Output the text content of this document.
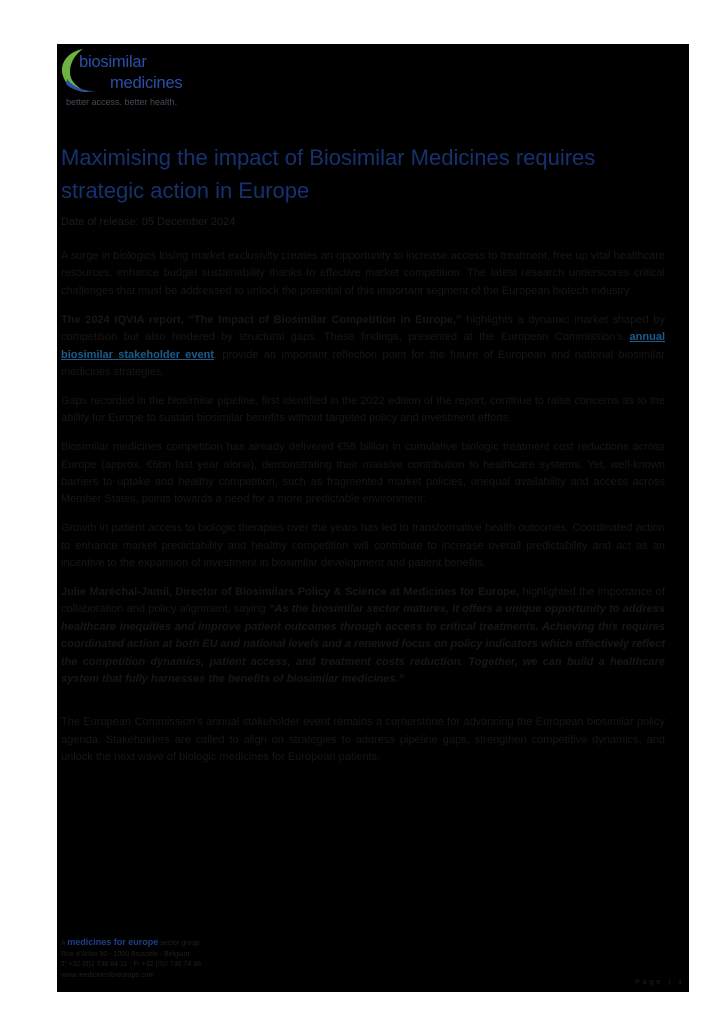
biosimilar
medicines
better access. better health.
Maximising the impact of Biosimilar Medicines requires strategic action in Europe
Date of release: 05 December 2024

A surge in biologics losing market exclusivity creates an opportunity to increase access to treatment, free up vital healthcare resources, enhance budget sustainability thanks to effective market competition. The latest research underscores critical challenges that must be addressed to unlock the potential of this important segment of the European biotech industry.

The 2024 IQVIA report, “The Impact of Biosimilar Competition in Europe,” highlights a dynamic market shaped by competition but also hindered by structural gaps. These findings, presented at the European Commission’s annual biosimilar stakeholder event, provide an important reflection point for the future of European and national biosimilar medicines strategies.

Gaps recorded in the biosimilar pipeline, first identified in the 2022 edition of the report, continue to raise concerns as to the ability for Europe to sustain biosimilar benefits without targeted policy and investment efforts.

Biosimilar medicines competition has already delivered €56 billion in cumulative biologic treatment cost reductions across Europe (approx. €6bn last year alone), demonstrating their massive contribution to healthcare systems. Yet, well-known barriers to uptake and healthy competition, such as fragmented market policies, unequal availability and access across Member States, points towards a need for a more predictable environment.

Growth in patient access to biologic therapies over the years has led to transformative health outcomes. Coordinated action to enhance market predictability and healthy competition will contribute to increase overall predictability and act as an incentive to the expansion of investment in biosimilar development and patient benefits.

Julie Maréchal-Jamil, Director of Biosimilars Policy & Science at Medicines for Europe, highlighted the importance of collaboration and policy alignment, saying “As the biosimilar sector matures, it offers a unique opportunity to address healthcare inequities and improve patient outcomes through access to critical treatments. Achieving this requires coordinated action at both EU and national levels and a renewed focus on policy indicators which effectively reflect the competition dynamics, patient access, and treatment costs reduction. Together, we can build a healthcare system that fully harnesses the benefits of biosimilar medicines.”

The European Commission’s annual stakeholder event remains a cornerstone for advancing the European biosimilar policy agenda. Stakeholders are called to align on strategies to address pipeline gaps, strengthen competitive dynamics, and unlock the next wave of biologic medicines for European patients.

A medicines for europe sector group
Rue d’Arlon 50 - 1000 Brussels - Belgium
T: +32 (0)2 736 84 11 - F: +32 (0)2 736 74 38
www.medicinesforeurope.com
Page | 1
